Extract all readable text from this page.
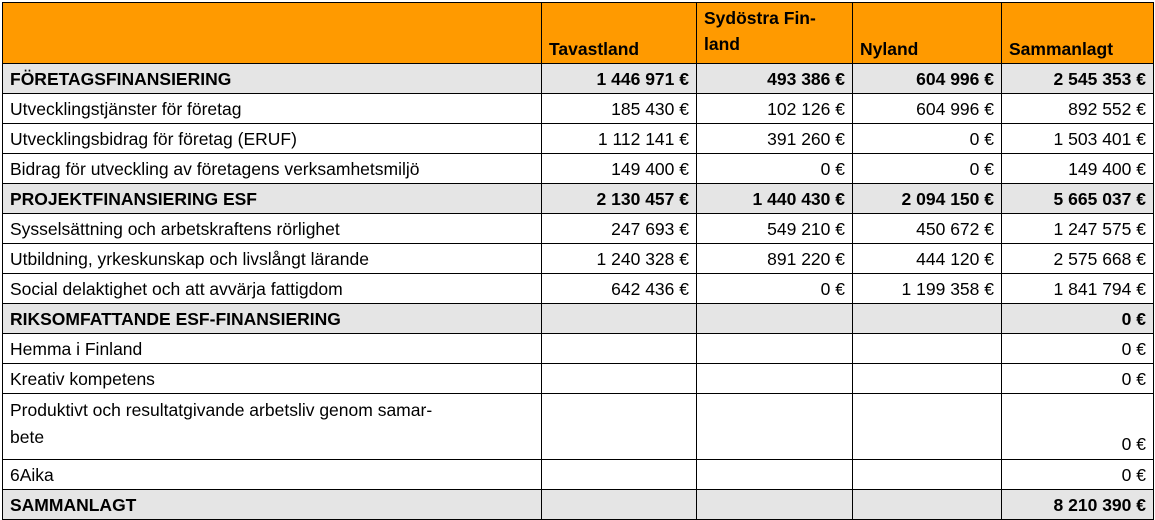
	Tavastland	Sydöstra Fin-
land	Nyland	Sammanlagt
FÖRETAGSFINANSIERING	1 446 971 €	493 386 €	604 996 €	2 545 353 €
Utvecklingstjänster för företag	185 430 €	102 126 €	604 996 €	892 552 €
Utvecklingsbidrag för företag (ERUF)	1 112 141 €	391 260 €	0 €	1 503 401 €
Bidrag för utveckling av företagens verksamhetsmiljö	149 400 €	0 €	0 €	149 400 €
PROJEKTFINANSIERING ESF	2 130 457 €	1 440 430 €	2 094 150 €	5 665 037 €
Sysselsättning och arbetskraftens rörlighet	247 693 €	549 210 €	450 672 €	1 247 575 €
Utbildning, yrkeskunskap och livslångt lärande	1 240 328 €	891 220 €	444 120 €	2 575 668 €
Social delaktighet och att avvärja fattigdom	642 436 €	0 €	1 199 358 €	1 841 794 €
RIKSOMFATTANDE ESF-FINANSIERING				0 €
Hemma i Finland				0 €
Kreativ kompetens				0 €
Produktivt och resultatgivande arbetsliv genom samar-
bete				0 €
6Aika				0 €
SAMMANLAGT				8 210 390 €
